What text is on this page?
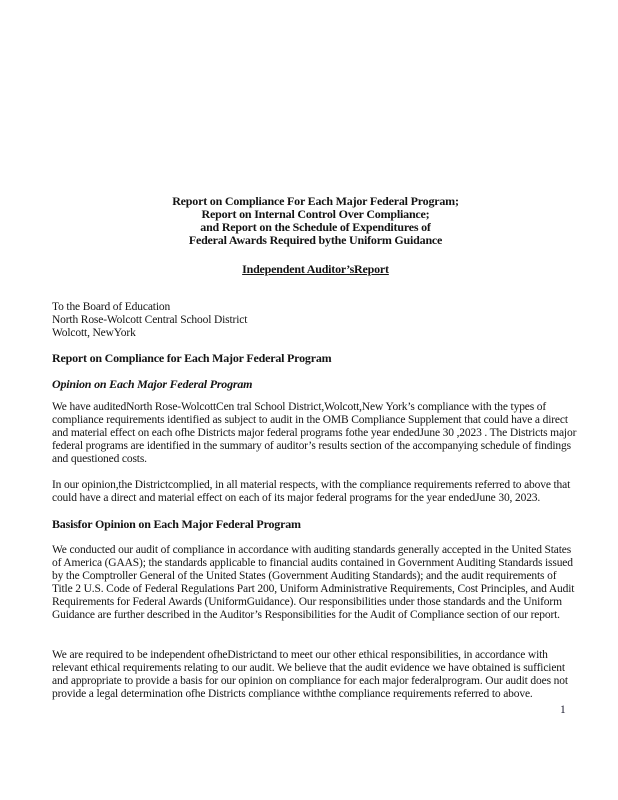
Report on Compliance For Each Major Federal Program;
Report on Internal Control Over Compliance;
and Report on the Schedule of Expenditures of
Federal Awards Required bythe Uniform Guidance
Independent Auditor’sReport
To the Board of Education
North Rose-Wolcott Central School District
Wolcott, NewYork
Report on Compliance for Each Major Federal Program
Opinion on Each Major Federal Program
We have auditedNorth Rose-WolcottCen tral School District,Wolcott,New York’s compliance with the types of compliance requirements identified as subject to audit in the OMB Compliance Supplement that could have a direct and material effect on each ofhe Districts major federal programs fothe year endedJune 30 ,2023 . The Districts major federal programs are identified in the summary of auditor’s results section of the accompanying schedule of findings and questioned costs.
In our opinion,the Districtcomplied, in all material respects, with the compliance requirements referred to above that could have a direct and material effect on each of its major federal programs for the year endedJune 30, 2023.
Basisfor Opinion on Each Major Federal Program
We conducted our audit of compliance in accordance with auditing standards generally accepted in the United States of America (GAAS); the standards applicable to financial audits contained in Government Auditing Standards issued by the Comptroller General of the United States (Government Auditing Standards); and the audit requirements of Title 2 U.S. Code of Federal Regulations Part 200, Uniform Administrative Requirements, Cost Principles, and Audit Requirements for Federal Awards (UniformGuidance). Our responsibilities under those standards and the Uniform Guidance are further described in the Auditor’s Responsibilities for the Audit of Compliance section of our report.
We are required to be independent ofheDistrictand to meet our other ethical responsibilities, in accordance with relevant ethical requirements relating to our audit. We believe that the audit evidence we have obtained is sufficient and appropriate to provide a basis for our opinion on compliance for each major federalprogram. Our audit does not provide a legal determination ofhe Districts compliance withthe compliance requirements referred to above.
1
